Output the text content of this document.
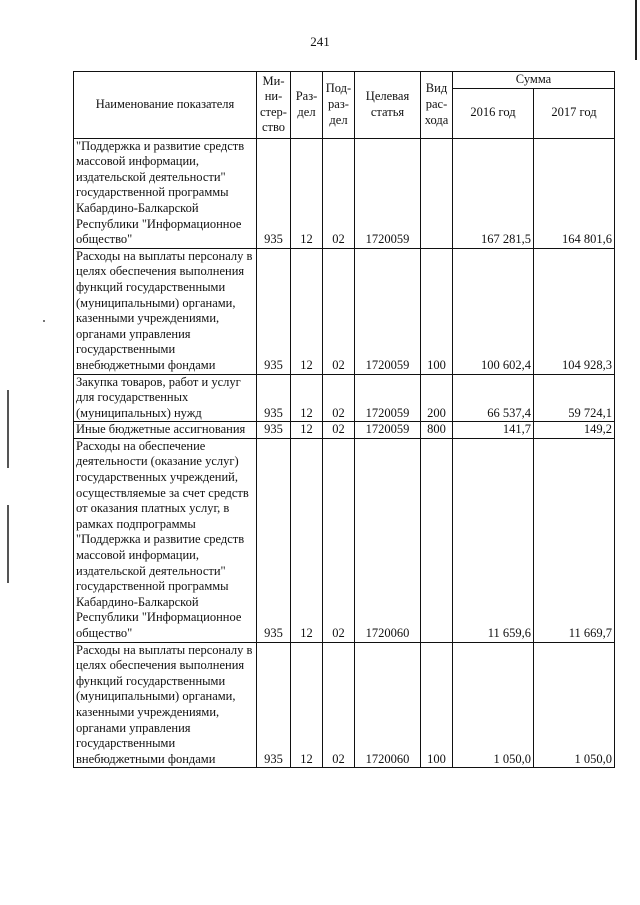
241
Наименование показателя	Ми-
ни-
стер-
ство	Раз-
дел	Под-
раз-
дел	Целевая
статья	Вид
рас-
хода	Сумма	
						2016 год	2017 год
"Поддержка и развитие средств массовой информации, издательской деятельности" государственной программы Кабардино-Балкарской Республики "Информационное общество"	935	12	02	1720059		167 281,5	164 801,6
Расходы на выплаты персоналу в целях обеспечения выполнения функций государственными (муниципальными) органами, казенными учреждениями, органами управления государственными внебюджетными фондами	935	12	02	1720059	100	100 602,4	104 928,3
Закупка товаров, работ и услуг для государственных (муниципальных) нужд	935	12	02	1720059	200	66 537,4	59 724,1
Иные бюджетные ассигнования	935	12	02	1720059	800	141,7	149,2
Расходы на обеспечение деятельности (оказание услуг) государственных учреждений, осуществляемые за счет средств от оказания платных услуг, в рамках подпрограммы "Поддержка и развитие средств массовой информации, издательской деятельности" государственной программы Кабардино-Балкарской Республики "Информационное общество"	935	12	02	1720060		11 659,6	11 669,7
Расходы на выплаты персоналу в целях обеспечения выполнения функций государственными (муниципальными) органами, казенными учреждениями, органами управления государственными внебюджетными фондами	935	12	02	1720060	100	1 050,0	1 050,0
